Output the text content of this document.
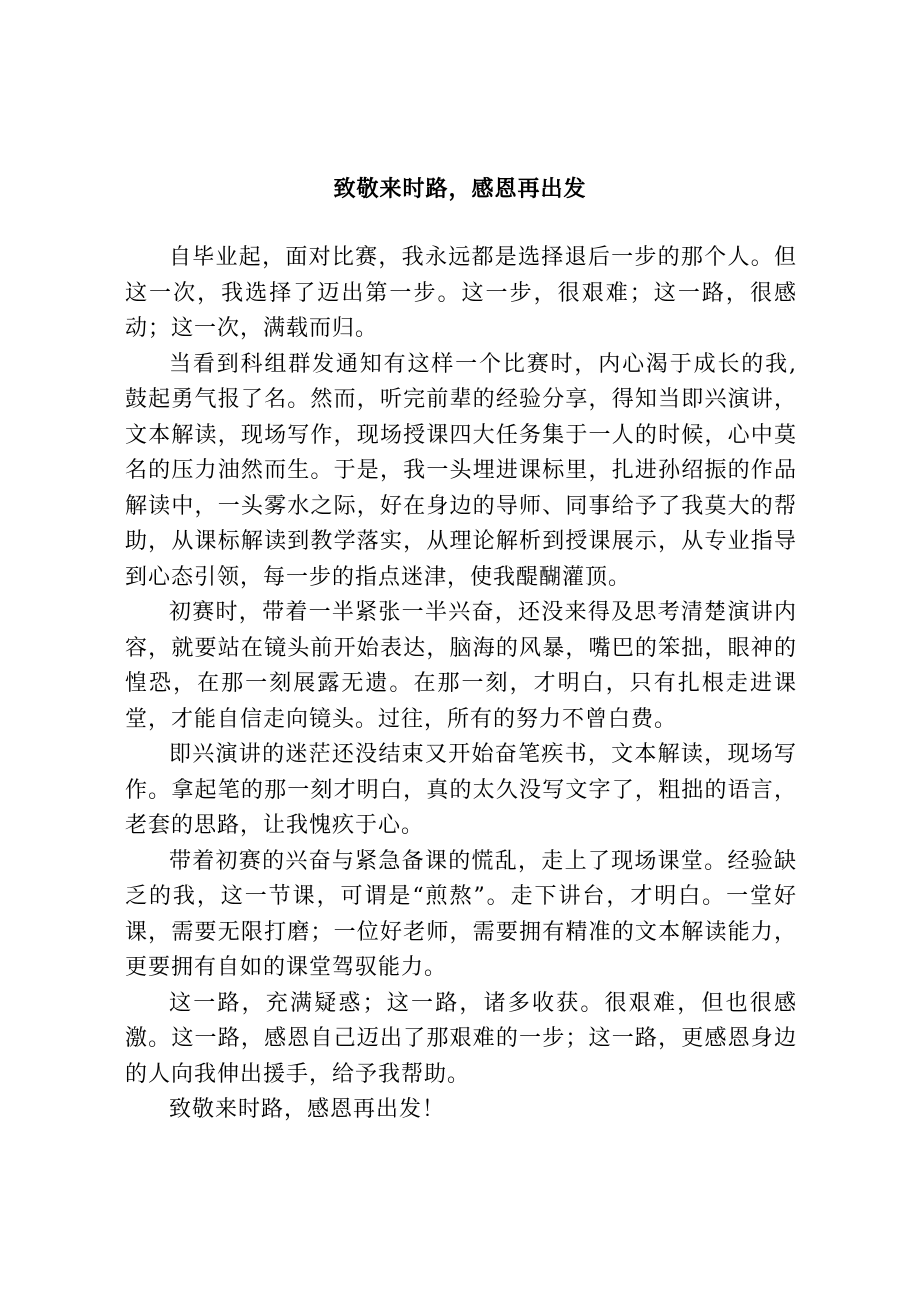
致敬来时路，感恩再出发

自毕业起，面对比赛，我永远都是选择退后一步的那个人。但这一次，我选择了迈出第一步。这一步，很艰难；这一路，很感动；这一次，满载而归。

当看到科组群发通知有这样一个比赛时，内心渴于成长的我,鼓起勇气报了名。然而，听完前辈的经验分享，得知当即兴演讲，文本解读，现场写作，现场授课四大任务集于一人的时候，心中莫名的压力油然而生。于是，我一头埋进课标里，扎进孙绍振的作品解读中，一头雾水之际，好在身边的导师、同事给予了我莫大的帮助，从课标解读到教学落实，从理论解析到授课展示，从专业指导到心态引领，每一步的指点迷津，使我醍醐灌顶。

初赛时，带着一半紧张一半兴奋，还没来得及思考清楚演讲内容，就要站在镜头前开始表达，脑海的风暴，嘴巴的笨拙，眼神的惶恐，在那一刻展露无遗。在那一刻，才明白，只有扎根走进课堂，才能自信走向镜头。过往，所有的努力不曾白费。

即兴演讲的迷茫还没结束又开始奋笔疾书，文本解读，现场写作。拿起笔的那一刻才明白，真的太久没写文字了，粗拙的语言，老套的思路，让我愧疚于心。

带着初赛的兴奋与紧急备课的慌乱，走上了现场课堂。经验缺乏的我，这一节课，可谓是“煎熬”。走下讲台，才明白。一堂好课，需要无限打磨；一位好老师，需要拥有精准的文本解读能力，更要拥有自如的课堂驾驭能力。

这一路，充满疑惑；这一路，诸多收获。很艰难，但也很感激。这一路，感恩自己迈出了那艰难的一步；这一路，更感恩身边的人向我伸出援手，给予我帮助。

致敬来时路，感恩再出发！
